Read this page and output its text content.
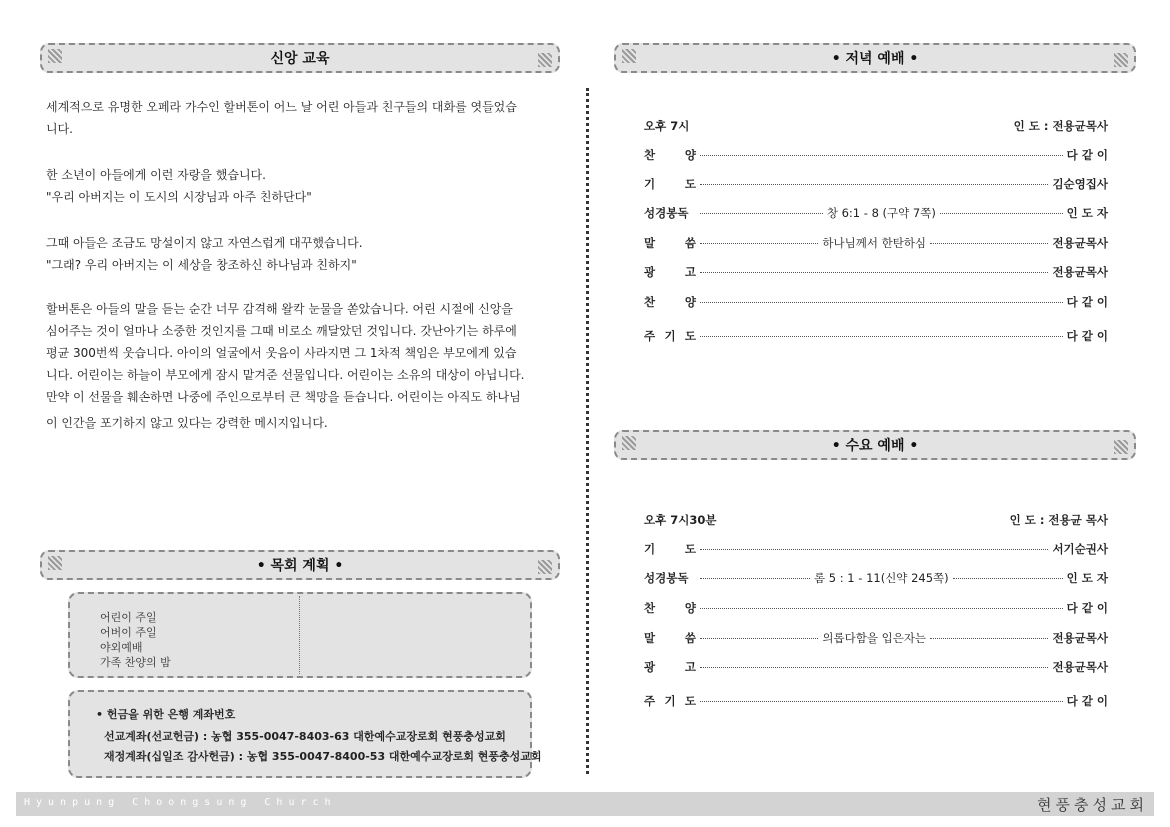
신앙 교육

세계적으로 유명한 오페라 가수인 할버톤이 어느 날 어린 아들과 친구들의 대화를 엿들었습

니다.

한 소년이 아들에게 이런 자랑을 했습니다.

"우리 아버지는 이 도시의 시장님과 아주 친하단다"

그때 아들은 조금도 망설이지 않고 자연스럽게 대꾸했습니다.

"그래? 우리 아버지는 이 세상을 창조하신 하나님과 친하지"

할버톤은 아들의 말을 듣는 순간 너무 감격해 왈칵 눈물을 쏟았습니다. 어린 시절에 신앙을

심어주는 것이 얼마나 소중한 것인지를 그때 비로소 깨달았던 것입니다. 갓난아기는 하루에

평균 300번씩 웃습니다. 아이의 얼굴에서 웃음이 사라지면 그 1차적 책임은 부모에게 있습

니다. 어린이는 하늘이 부모에게 잠시 맡겨준 선물입니다. 어린이는 소유의 대상이 아닙니다.

만약 이 선물을 훼손하면 나중에 주인으로부터 큰 책망을 듣습니다. 어린이는 아직도 하나님

이 인간을 포기하지 않고 있다는 강력한 메시지입니다.

• 목회 계획 •
어린이 주일
어버이 주일
야외예배
가족 찬양의 밤
• 헌금을 위한 은행 계좌번호
선교계좌(선교헌금) : 농협 355-0047-8403-63 대한예수교장로회 현풍충성교회
재정계좌(십일조 감사헌금) : 농협 355-0047-8400-53 대한예수교장로회 현풍충성교회
• 저녁 예배 •
오후 7시	인 도 : 전용균목사
찬	양	다 같 이
기	도	김순영집사
성경봉독	창 6:1 - 8 (구약 7쪽)	인 도 자
말	씀	하나님께서 한탄하심	전용균목사
광	고	전용균목사
찬	양	다 같 이
주 기 도	다 같 이
• 수요 예배 •
오후 7시30분	인 도 : 전용균 목사
기	도	서기순권사
성경봉독	롬 5 : 1 - 11(신약 245쪽)	인 도 자
찬	양	다 같 이
말	씀	의롭다함을 입은자는	전용균목사
광	고	전용균목사
주 기 도	다 같 이
Hyunpung Choongsung Church	현풍충성교회
